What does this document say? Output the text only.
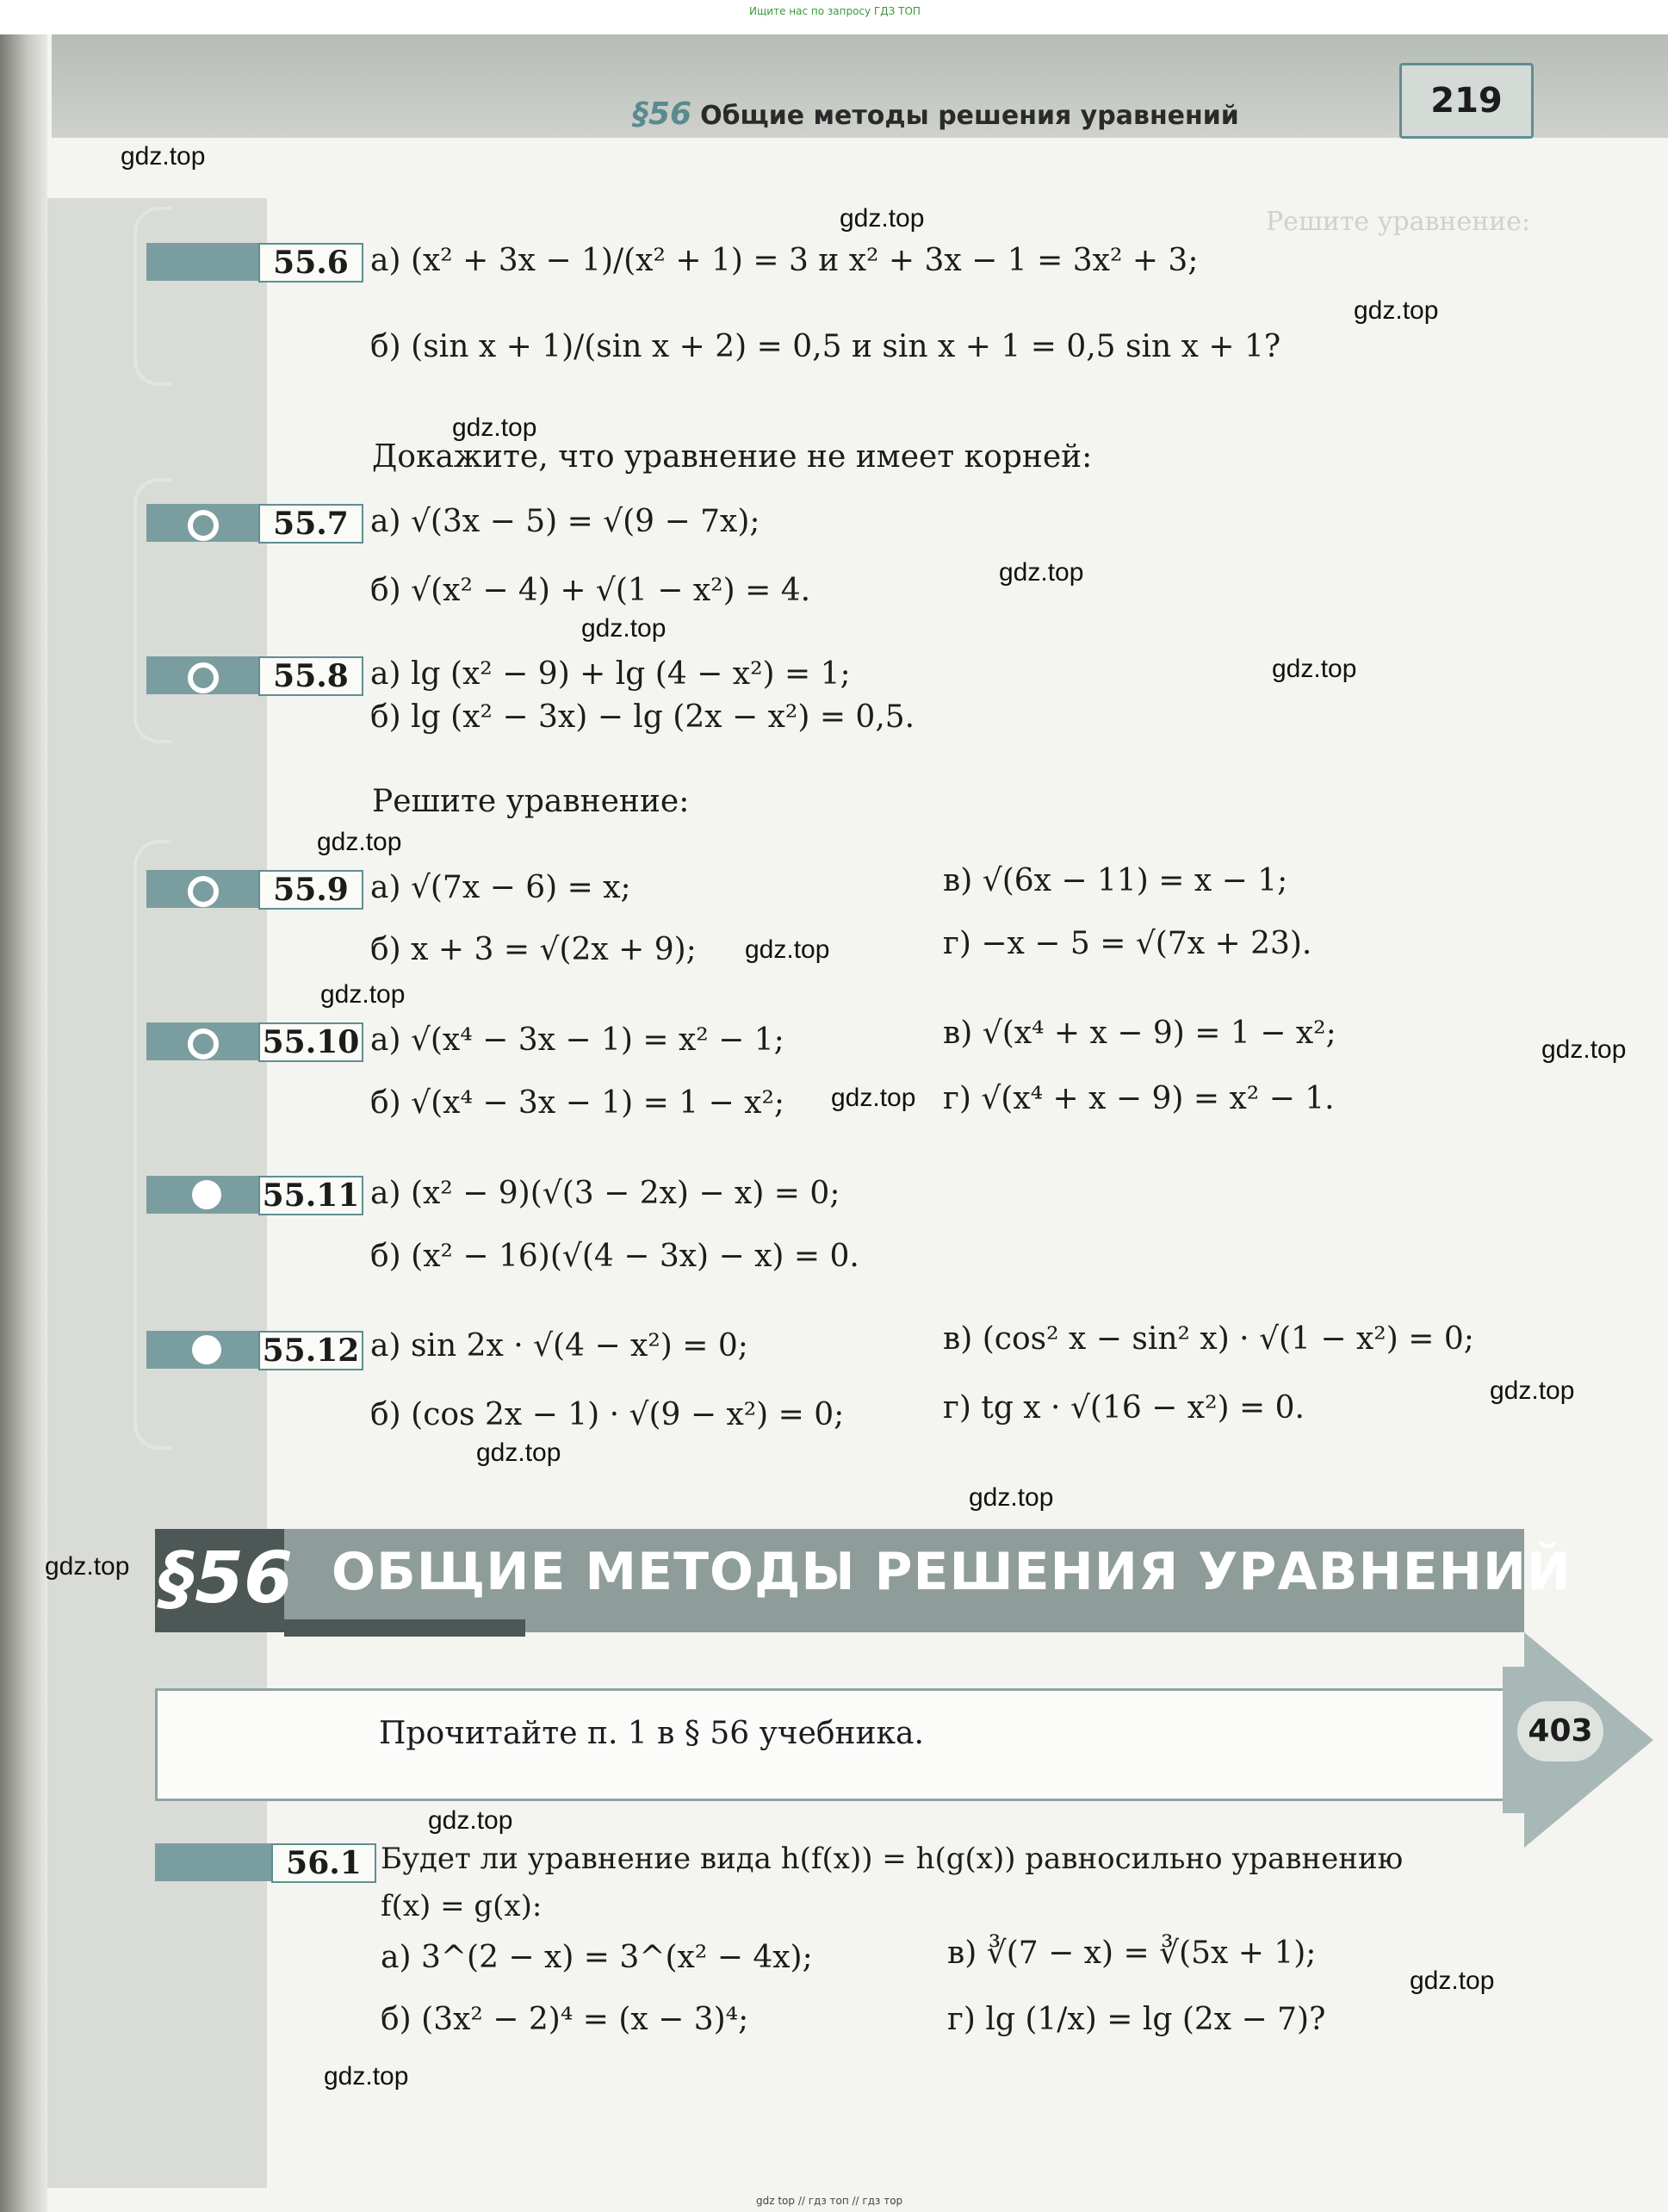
Ищите нас по запросу ГДЗ ТОП
§56 Общие методы решения уравнений	219
Решите уравнение:
gdz.top
gdz.top
gdz.top
gdz.top
gdz.top
gdz.top
gdz.top
gdz.top
gdz.top
gdz.top
gdz.top
gdz.top
gdz.top
gdz.top
gdz.top
gdz.top
gdz.top
gdz.top
gdz.top
55.6 а) (x² + 3x − 1)/(x² + 1) = 3 и x² + 3x − 1 = 3x² + 3;
б) (sin x + 1)/(sin x + 2) = 0,5 и sin x + 1 = 0,5 sin x + 1?
Докажите, что уравнение не имеет корней:
55.7 а) √(3x − 5) = √(9 − 7x);
б) √(x² − 4) + √(1 − x²) = 4.
55.8 а) lg (x² − 9) + lg (4 − x²) = 1;
б) lg (x² − 3x) − lg (2x − x²) = 0,5.
Решите уравнение:
55.9 а) √(7x − 6) = x;
б) x + 3 = √(2x + 9);
в) √(6x − 11) = x − 1;
г) −x − 5 = √(7x + 23).
55.10 а) √(x⁴ − 3x − 1) = x² − 1;
б) √(x⁴ − 3x − 1) = 1 − x²;
в) √(x⁴ + x − 9) = 1 − x²;
г) √(x⁴ + x − 9) = x² − 1.
55.11 а) (x² − 9)(√(3 − 2x) − x) = 0;
б) (x² − 16)(√(4 − 3x) − x) = 0.
55.12 а) sin 2x · √(4 − x²) = 0;
б) (cos 2x − 1) · √(9 − x²) = 0;
в) (cos² x − sin² x) · √(1 − x²) = 0;
г) tg x · √(16 − x²) = 0.
§56 ОБЩИЕ МЕТОДЫ РЕШЕНИЯ УРАВНЕНИЙ
Прочитайте п. 1 в § 56 учебника.	403
56.1 Будет ли уравнение вида h(f(x)) = h(g(x)) равносильно уравнению
f(x) = g(x):
а) 3^(2 − x) = 3^(x² − 4x);
б) (3x² − 2)⁴ = (x − 3)⁴;
в) ∛(7 − x) = ∛(5x + 1);
г) lg (1/x) = lg (2x − 7)?
gdz top // гдз топ // гдз тор
